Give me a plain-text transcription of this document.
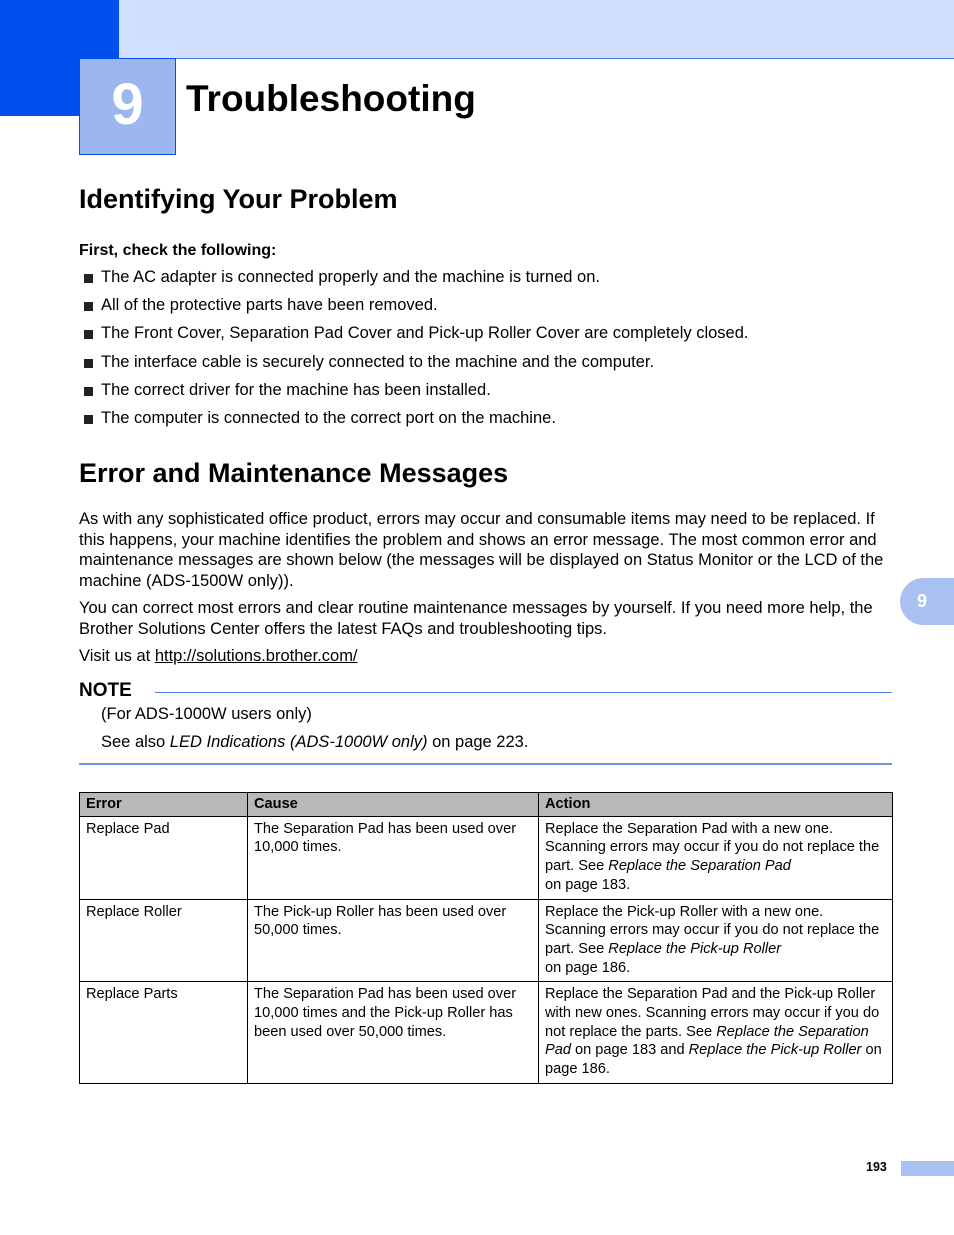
9 Troubleshooting
Identifying Your Problem

First, check the following:

The AC adapter is connected properly and the machine is turned on.
All of the protective parts have been removed.
The Front Cover, Separation Pad Cover and Pick-up Roller Cover are completely closed.
The interface cable is securely connected to the machine and the computer.
The correct driver for the machine has been installed.
The computer is connected to the correct port on the machine.
Error and Maintenance Messages

As with any sophisticated office product, errors may occur and consumable items may need to be replaced. If this happens, your machine identifies the problem and shows an error message. The most common error and maintenance messages are shown below (the messages will be displayed on Status Monitor or the LCD of the machine (ADS-1500W only)).

You can correct most errors and clear routine maintenance messages by yourself. If you need more help, the Brother Solutions Center offers the latest FAQs and troubleshooting tips.

Visit us at http://solutions.brother.com/

NOTE

(For ADS-1000W users only)

See also LED Indications (ADS-1000W only) on page 223.

Error	Cause	Action
Replace Pad	The Separation Pad has been used over 10,000 times.	Replace the Separation Pad with a new one. Scanning errors may occur if you do not replace the part. See Replace the Separation Pad
on page 183.
Replace Roller	The Pick-up Roller has been used over 50,000 times.	Replace the Pick-up Roller with a new one. Scanning errors may occur if you do not replace the part. See Replace the Pick-up Roller
on page 186.
Replace Parts	The Separation Pad has been used over 10,000 times and the Pick-up Roller has been used over 50,000 times.	Replace the Separation Pad and the Pick-up Roller with new ones. Scanning errors may occur if you do not replace the parts. See Replace the Separation Pad on page 183 and Replace the Pick-up Roller on page 186.
9

193
